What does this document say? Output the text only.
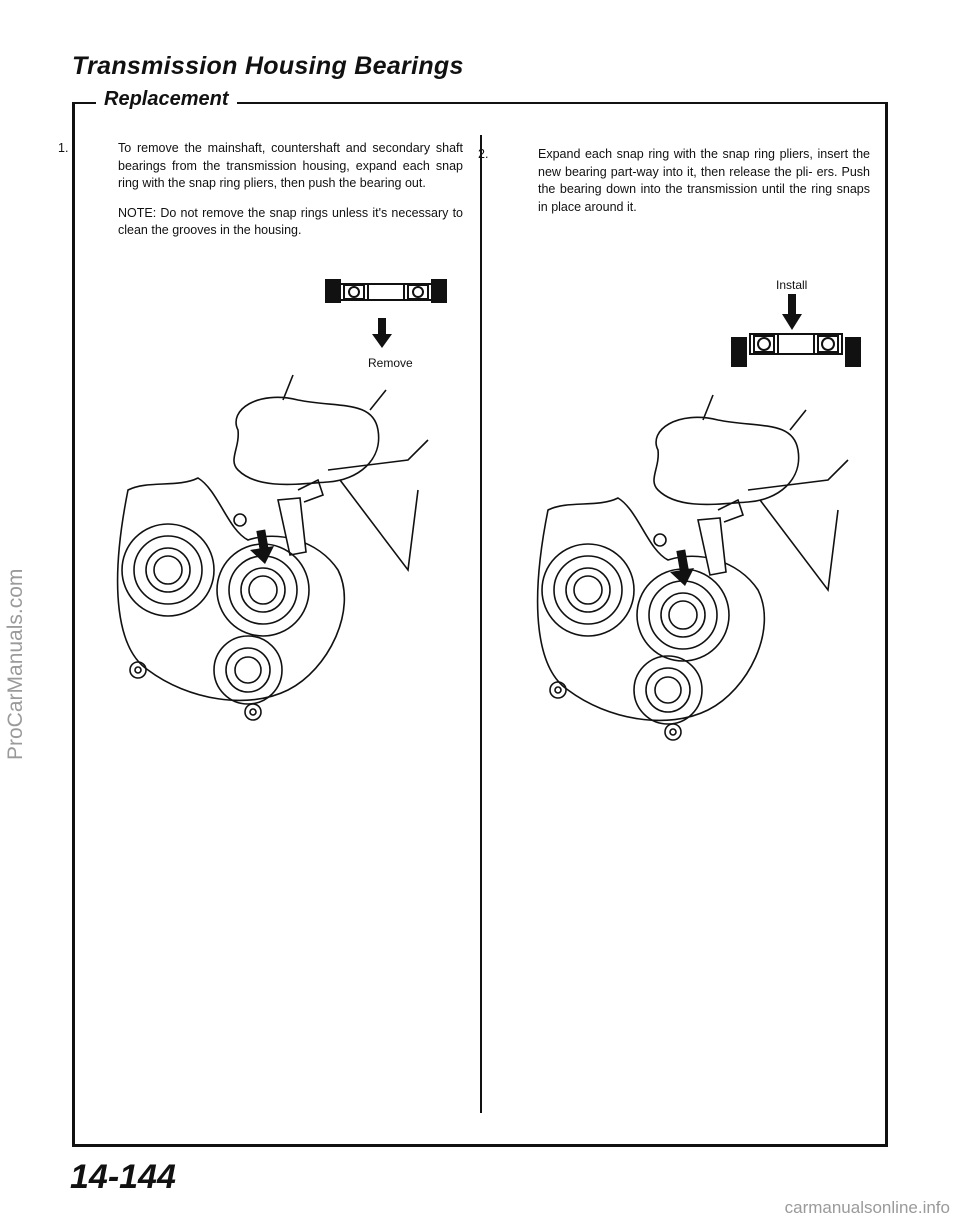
Transmission Housing Bearings
Replacement

1.	To remove the mainshaft, countershaft and secondary shaft bearings from the transmission housing, expand each snap ring with the snap ring pliers, then push the bearing out.

NOTE: Do not remove the snap rings unless it's necessary to clean the grooves in the housing.

2.	Expand each snap ring with the snap ring pliers, insert the new bearing part-way into it, then release the pli- ers. Push the bearing down into the transmission until the ring snaps in place around it.

Remove
Install
ProCarManuals.com
14-144
carmanualsonline.info
